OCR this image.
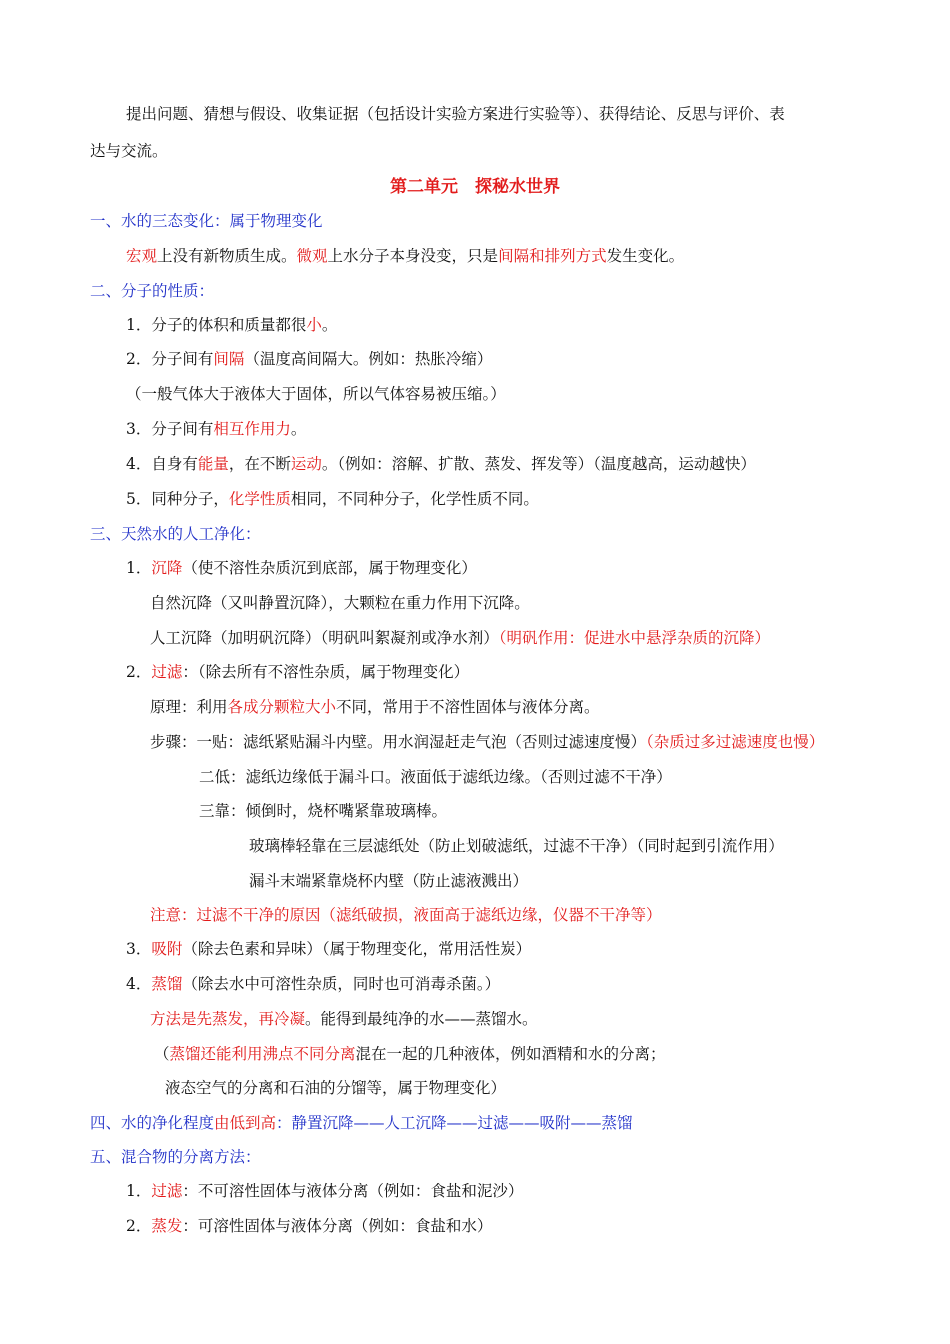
提出问题、猜想与假设、收集证据（包括设计实验方案进行实验等）、获得结论、反思与评价、表
达与交流。
第二单元　探秘水世界
一、水的三态变化：属于物理变化
宏观上没有新物质生成。微观上水分子本身没变，只是间隔和排列方式发生变化。
二、分子的性质：
1．分子的体积和质量都很小。
2．分子间有间隔（温度高间隔大。例如：热胀冷缩）
（一般气体大于液体大于固体，所以气体容易被压缩。）
3．分子间有相互作用力。
4．自身有能量，在不断运动。（例如：溶解、扩散、蒸发、挥发等）（温度越高，运动越快）
5．同种分子，化学性质相同，不同种分子，化学性质不同。
三、天然水的人工净化：
1．沉降（使不溶性杂质沉到底部，属于物理变化）
自然沉降（又叫静置沉降），大颗粒在重力作用下沉降。
人工沉降（加明矾沉降）（明矾叫絮凝剂或净水剂）（明矾作用：促进水中悬浮杂质的沉降）
2．过滤：（除去所有不溶性杂质，属于物理变化）
原理：利用各成分颗粒大小不同，常用于不溶性固体与液体分离。
步骤：一贴：滤纸紧贴漏斗内壁。用水润湿赶走气泡（否则过滤速度慢）（杂质过多过滤速度也慢）
二低：滤纸边缘低于漏斗口。液面低于滤纸边缘。（否则过滤不干净）
三靠：倾倒时，烧杯嘴紧靠玻璃棒。
玻璃棒轻靠在三层滤纸处（防止划破滤纸，过滤不干净）（同时起到引流作用）
漏斗末端紧靠烧杯内壁（防止滤液溅出）
注意：过滤不干净的原因（滤纸破损，液面高于滤纸边缘，仪器不干净等）
3．吸附（除去色素和异味）（属于物理变化，常用活性炭）
4．蒸馏（除去水中可溶性杂质，同时也可消毒杀菌。）
方法是先蒸发，再冷凝。能得到最纯净的水——蒸馏水。
（蒸馏还能利用沸点不同分离混在一起的几种液体，例如酒精和水的分离；
液态空气的分离和石油的分馏等，属于物理变化）
四、水的净化程度由低到高：静置沉降——人工沉降——过滤——吸附——蒸馏
五、混合物的分离方法：
1．过滤：不可溶性固体与液体分离（例如：食盐和泥沙）
2．蒸发：可溶性固体与液体分离（例如：食盐和水）
